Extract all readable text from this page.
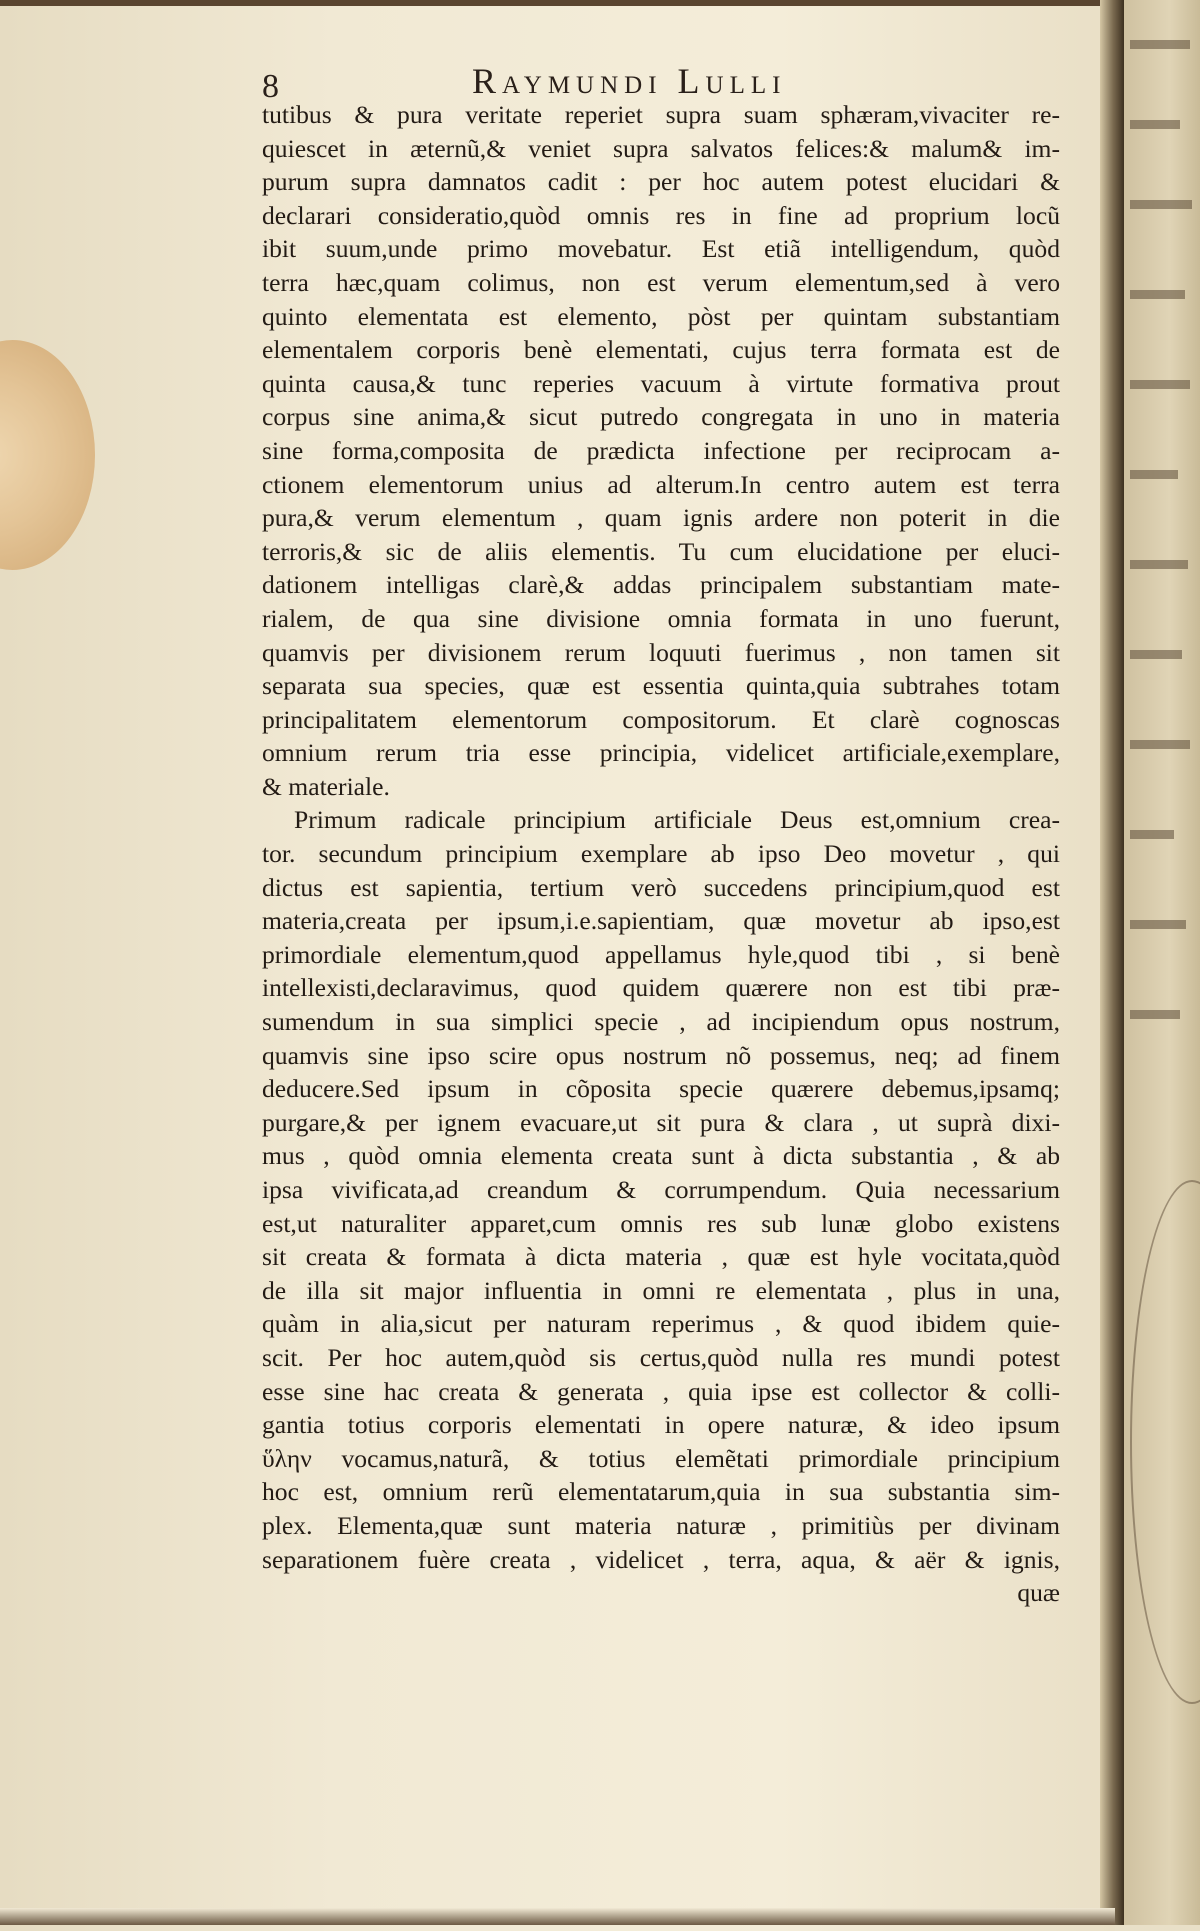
8	Raymundi Lulli
tutibus & pura veritate reperiet supra suam sphæram,vivaciter re-
quiescet in æternũ,& veniet supra salvatos felices:& malum& im-
purum supra damnatos cadit : per hoc autem potest elucidari &
declarari consideratio,quòd omnis res in fine ad proprium locũ
ibit suum,unde primo movebatur. Est etiã intelligendum, quòd
terra hæc,quam colimus, non est verum elementum,sed à vero
quinto elementata est elemento, pòst per quintam substantiam
elementalem corporis benè elementati, cujus terra formata est de
quinta causa,& tunc reperies vacuum à virtute formativa prout
corpus sine anima,& sicut putredo congregata in uno in materia
sine forma,composita de prædicta infectione per reciprocam a-
ctionem elementorum unius ad alterum.In centro autem est terra
pura,& verum elementum , quam ignis ardere non poterit in die
terroris,& sic de aliis elementis. Tu cum elucidatione per eluci-
dationem intelligas clarè,& addas principalem substantiam mate-
rialem, de qua sine divisione omnia formata in uno fuerunt,
quamvis per divisionem rerum loquuti fuerimus , non tamen sit
separata sua species, quæ est essentia quinta,quia subtrahes totam
principalitatem elementorum compositorum. Et clarè cognoscas
omnium rerum tria esse principia, videlicet artificiale,exemplare,
& materiale.
Primum radicale principium artificiale Deus est,omnium crea-
tor. secundum principium exemplare ab ipso Deo movetur , qui
dictus est sapientia, tertium verò succedens principium,quod est
materia,creata per ipsum,i.e.sapientiam, quæ movetur ab ipso,est
primordiale elementum,quod appellamus hyle,quod tibi , si benè
intellexisti,declaravimus, quod quidem quærere non est tibi præ-
sumendum in sua simplici specie , ad incipiendum opus nostrum,
quamvis sine ipso scire opus nostrum nõ possemus, neq; ad finem
deducere.Sed ipsum in cõposita specie quærere debemus,ipsamq;
purgare,& per ignem evacuare,ut sit pura & clara , ut suprà dixi-
mus , quòd omnia elementa creata sunt à dicta substantia , & ab
ipsa vivificata,ad creandum & corrumpendum. Quia necessarium
est,ut naturaliter apparet,cum omnis res sub lunæ globo existens
sit creata & formata à dicta materia , quæ est hyle vocitata,quòd
de illa sit major influentia in omni re elementata , plus in una,
quàm in alia,sicut per naturam reperimus , & quod ibidem quie-
scit. Per hoc autem,quòd sis certus,quòd nulla res mundi potest
esse sine hac creata & generata , quia ipse est collector & colli-
gantia totius corporis elementati in opere naturæ, & ideo ipsum
ὕλην vocamus,naturã, & totius elemẽtati primordiale principium
hoc est, omnium rerũ elementatarum,quia in sua substantia sim-
plex. Elementa,quæ sunt materia naturæ , primitiùs per divinam
separationem fuère creata , videlicet , terra, aqua, & aër & ignis,
quæ
